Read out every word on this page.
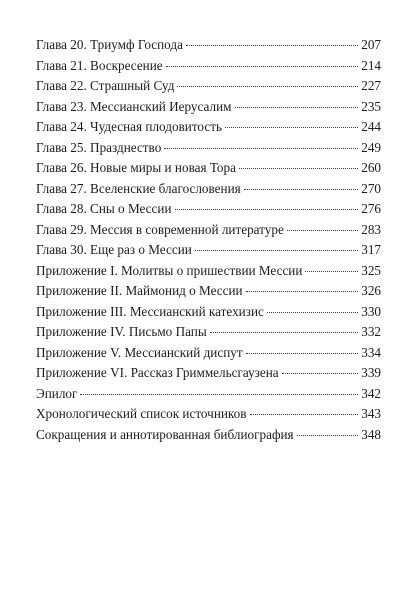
Глава 20. Триумф Господа	207
Глава 21. Воскресение	214
Глава 22. Страшный Суд	227
Глава 23. Мессианский Иерусалим	235
Глава 24. Чудесная плодовитость	244
Глава 25. Празднество	249
Глава 26. Новые миры и новая Тора	260
Глава 27. Вселенские благословения	270
Глава 28. Сны о Мессии	276
Глава 29. Мессия в современной литературе	283
Глава 30. Еще раз о Мессии	317
Приложение I. Молитвы о пришествии Мессии	325
Приложение II. Маймонид о Мессии	326
Приложение III. Мессианский катехизис	330
Приложение IV. Письмо Папы	332
Приложение V. Мессианский диспут	334
Приложение VI. Рассказ Гриммельсгаузена	339
Эпилог	342
Хронологический список источников	343
Сокращения и аннотированная библиография	348
